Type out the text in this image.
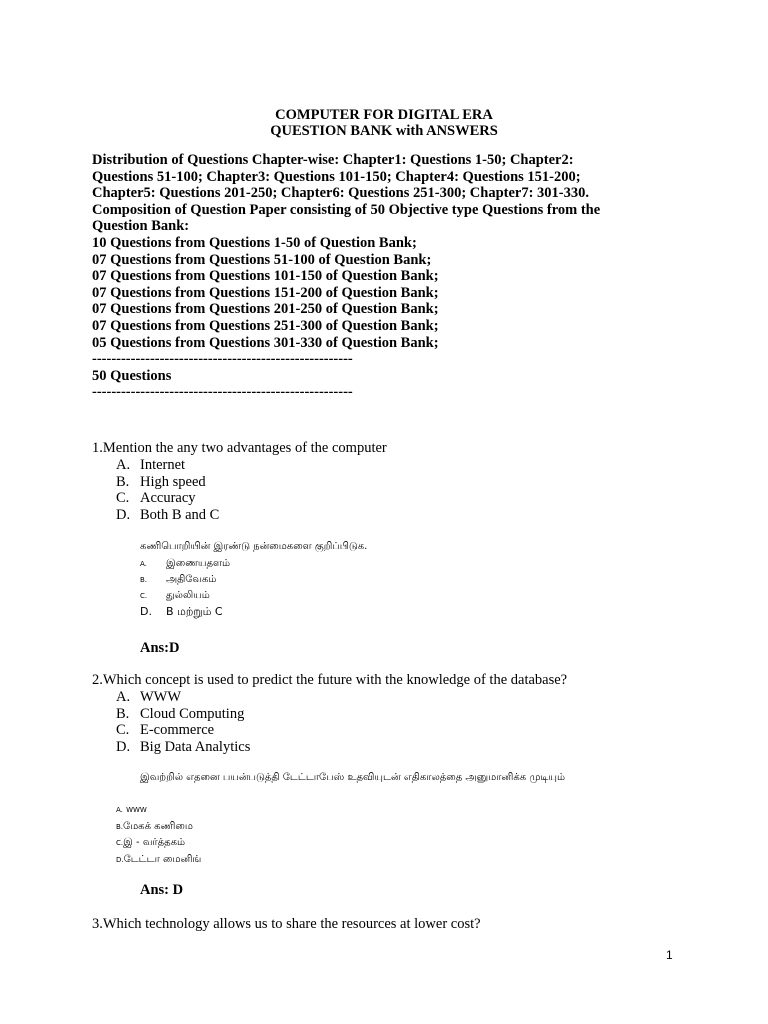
COMPUTER FOR DIGITAL ERA
QUESTION BANK with ANSWERS
Distribution of Questions Chapter-wise: Chapter1: Questions 1-50; Chapter2:
Questions 51-100; Chapter3: Questions 101-150; Chapter4: Questions 151-200;
Chapter5: Questions 201-250; Chapter6: Questions 251-300; Chapter7: 301-330.
Composition of Question Paper consisting of 50 Objective type Questions from the
Question Bank:
10 Questions from Questions 1-50 of Question Bank;
07 Questions from Questions 51-100 of Question Bank;
07 Questions from Questions 101-150 of Question Bank;
07 Questions from Questions 151-200 of Question Bank;
07 Questions from Questions 201-250 of Question Bank;
07 Questions from Questions 251-300 of Question Bank;
05 Questions from Questions 301-330 of Question Bank;
------------------------------------------------------
50 Questions
------------------------------------------------------
1.Mention the any two advantages of the computer
A. Internet
B. High speed
C. Accuracy
D. Both B and C
கணிபொறியின் இரண்டு நன்மைகளை குறிப்பிடுக.
A. இணையதளம்
B. அதிவேகம்
C. துல்லியம்
D. B மற்றும் C
Ans:D
2.Which concept is used to predict the future with the knowledge of the database?
A. WWW
B. Cloud Computing
C. E-commerce
D. Big Data Analytics
இவற்றில் எதனை பயன்படுத்தி டேட்டாபேஸ் உதவியுடன் எதிகாலத்தை அனுமானிக்க முடியும்
A. WWW
B.மேகக் கணிமை
C.இ - வர்த்தகம்
D.டேட்டா மைனிங்
Ans: D
3.Which technology allows us to share the resources at lower cost?
1
